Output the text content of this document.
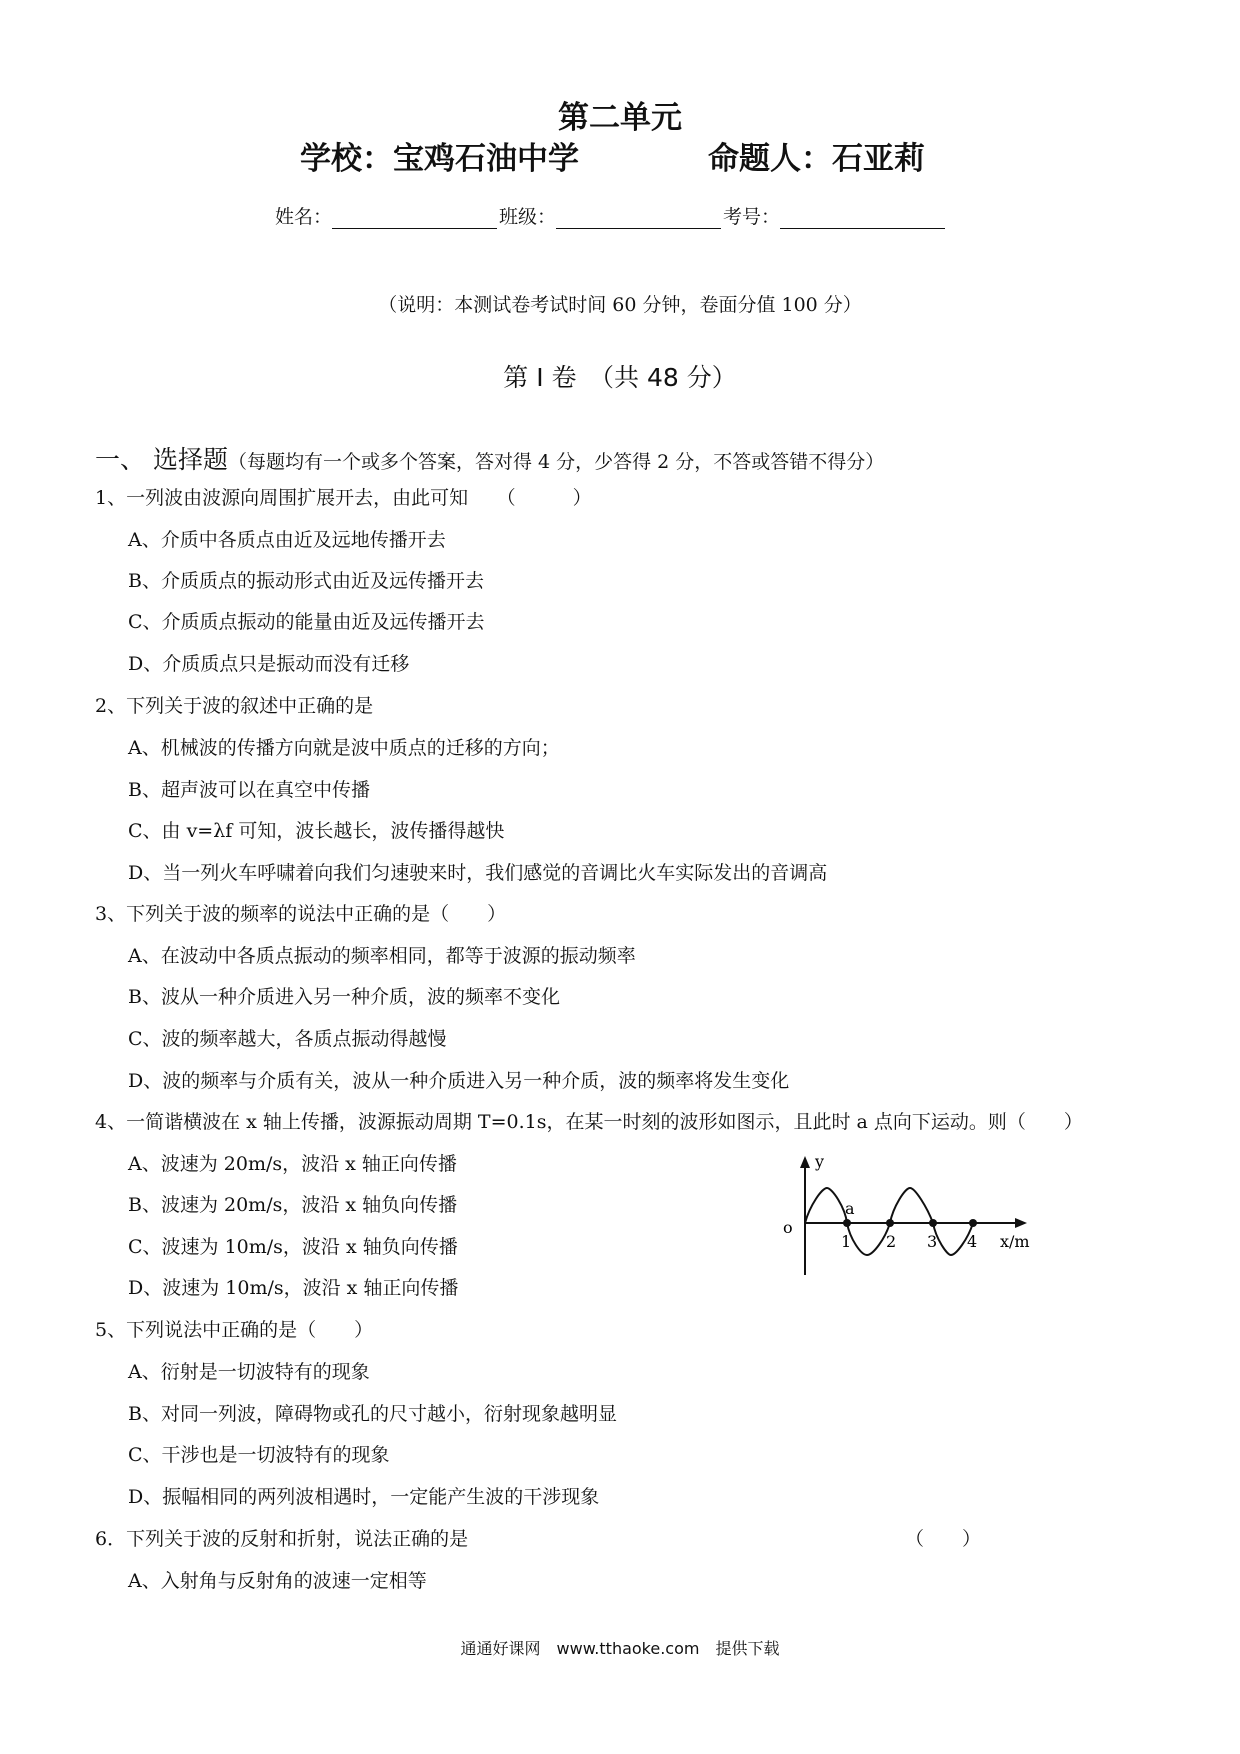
第二单元
学校：宝鸡石油中学	命题人：石亚莉
姓名：	班级：	考号：
（说明：本测试卷考试时间 60 分钟，卷面分值 100 分）
第 I 卷　（共 48 分）
一、 选择题（每题均有一个或多个答案，答对得 4 分，少答得 2 分，不答或答错不得分）
1、一列波由波源向周围扩展开去，由此可知　　（　　　）
A、介质中各质点由近及远地传播开去
B、介质质点的振动形式由近及远传播开去
C、介质质点振动的能量由近及远传播开去
D、介质质点只是振动而没有迁移
2、下列关于波的叙述中正确的是
A、机械波的传播方向就是波中质点的迁移的方向；
B、超声波可以在真空中传播
C、由 v=λf 可知，波长越长，波传播得越快
D、当一列火车呼啸着向我们匀速驶来时，我们感觉的音调比火车实际发出的音调高
3、下列关于波的频率的说法中正确的是（　　）
A、在波动中各质点振动的频率相同，都等于波源的振动频率
B、波从一种介质进入另一种介质，波的频率不变化
C、波的频率越大，各质点振动得越慢
D、波的频率与介质有关，波从一种介质进入另一种介质，波的频率将发生变化
4、一简谐横波在 x 轴上传播，波源振动周期 T=0.1s，在某一时刻的波形如图示，且此时 a 点向下运动。则（　　）
A、波速为 20m/s，波沿 x 轴正向传播
B、波速为 20m/s，波沿 x 轴负向传播
C、波速为 10m/s，波沿 x 轴负向传播
D、波速为 10m/s，波沿 x 轴正向传播
y
o
a
1 2 3 4 x/m
5、下列说法中正确的是（　　）
A、衍射是一切波特有的现象
B、对同一列波，障碍物或孔的尺寸越小，衍射现象越明显
C、干涉也是一切波特有的现象
D、振幅相同的两列波相遇时，一定能产生波的干涉现象
6．下列关于波的反射和折射，说法正确的是	（　　）
A、入射角与反射角的波速一定相等
通通好课网　www.tthaoke.com　提供下载
